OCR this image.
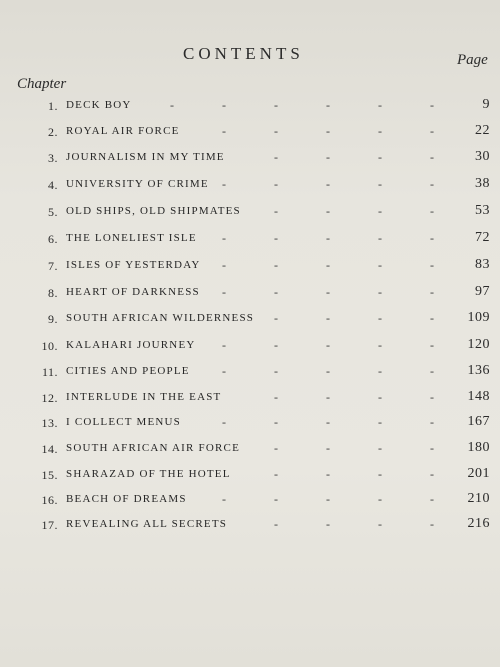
CONTENTS	Page
Chapter
1. DECK BOY	-	-	-	-	-	-	9
2. ROYAL AIR FORCE	-	-	-	-	-	22
3. JOURNALISM IN MY TIME	-	-	-	-	30
4. UNIVERSITY OF CRIME -	-	-	-	-	38
5. OLD SHIPS, OLD SHIPMATES	-	-	-	-	53
6. THE LONELIEST ISLE -	-	-	-	-	72
7. ISLES OF YESTERDAY -	-	-	-	-	83
8. HEART OF DARKNESS -	-	-	-	-	97
9. SOUTH AFRICAN WILDERNESS -	-	-	- 109
10. KALAHARI JOURNEY -	-	-	-	- 120
11. CITIES AND PEOPLE	-	-	-	-	- 136
12. INTERLUDE IN THE EAST	-	-	-	- 148
13. I COLLECT MENUS	-	-	-	-	- 167
14. SOUTH AFRICAN AIR FORCE	-	-	-	- 180
15. SHARAZAD OF THE HOTEL	-	-	-	- 201
16. BEACH OF DREAMS	-	-	-	-	- 210
17. REVEALING ALL SECRETS	-	-	-	- 216
